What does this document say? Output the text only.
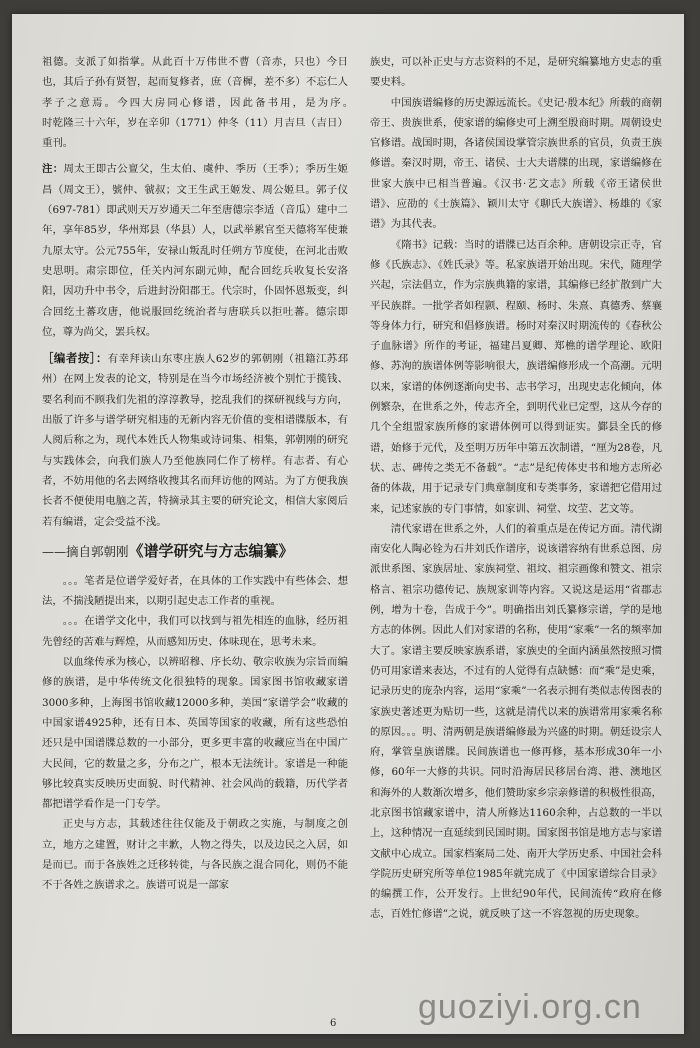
祖德。支派了如指掌。从此百十万伟世不曹（音赤，只也）今日也，其后子孙有贤智，起而复修者，庶（音樨，差不多）不忘仁人孝子之意焉。今四大房同心修谱，因此备书用，是为序。　　　　时乾隆三十六年，岁在辛卯（1771）仲冬（11）月吉旦（吉日）重刊。

注：周太王即古公亶父，生太伯、虞仲、季历（王季）；季历生姬昌（周文王），號仲、虢叔；文王生武王姬发、周公姬旦。郭子仪（697-781）即武则天万岁通天二年至唐德宗李适（音瓜）建中二年，享年85岁，华州郑县（华县）人，以武举累官至天德将军使兼九原太守。公元755年，安禄山叛乱时任朔方节度使，在河北击败史思明。肃宗即位，任关内河东副元帅，配合回纥兵收复长安洛阳，因功升中书令，后进封汾阳郡王。代宗时，仆固怀恩叛变，纠合回纥土蕃攻唐，他说服回纥统治者与唐联兵以拒吐蕃。德宗即位，尊为尚父，罢兵权。

［编者按］：有幸拜读山东枣庄族人62岁的郭朝刚（祖籍江苏邳州）在网上发表的论文，特别是在当今市场经济被个别忙于揽钱、要名利而不顾我们先祖的淳淳教导，挖乱我们的探研视线与方向，出版了许多与谱学研究相违的无新内容无价值的变相谱牒版本，有人阅后称之为，现代本姓氏人物集或诗词集、相集，郭朝刚的研究与实践体会，向我们族人乃至他族同仁作了榜样。有志者、有心者，不妨用他的名去网络收搜其名而拜访他的网站。为了方便我族长者不便使用电脑之苦，特摘录其主要的研究论文，相信大家阅后若有编谱，定会受益不浅。

——摘自郭朝刚《谱学研究与方志编纂》

。。。笔者是位谱学爱好者，在具体的工作实践中有些体会、想法，不揣浅陋提出来，以期引起史志工作者的重视。

。。。在谱学文化中，我们可以找到与祖先相连的血脉，经历祖先曾经的苦难与辉煌，从而感知历史、体味现在，思考未来。

以血缘传承为核心，以辨昭穆、序长幼、敬宗收族为宗旨而编修的族谱，是中华传统文化很独特的现象。国家图书馆收藏家谱3000多种，上海图书馆收藏12000多种，美国“家谱学会”收藏的中国家谱4925种，还有日本、英国等国家的收藏，所有这些恐怕还只是中国谱牒总数的一小部分，更多更丰富的收藏应当在中国广大民间，它的数量之多，分布之广，根本无法统计。家谱是一种能够比较真实反映历史面貌、时代精神、社会风尚的载籍，历代学者都把谱学看作是一门专学。

正史与方志，其载述往往仅能及于朝政之实施，与制度之创立，地方之建置，财计之丰歉，人物之得失，以及边民之入居，如是而已。而于各族姓之迁移转徙，与各民族之混合同化，则仍不能不于各姓之族谱求之。族谱可说是一部家

族史，可以补正史与方志资料的不足，是研究编纂地方史志的重要史料。

中国族谱编修的历史源远流长。《史记·殷本纪》所载的商朝帝王、贵族世系，使家谱的编修史可上溯至殷商时期。周朝设史官修谱。战国时期，各诸侯国设掌管宗族世系的官员，负责王族修谱。秦汉时期，帝王、诸侯、士大夫谱牒的出现，家谱编修在世家大族中已相当普遍。《汉书·艺文志》所载《帝王诸侯世谱》、应劭的《士族篇》、颖川太守《聊氏大族谱》、杨雄的《家谱》为其代表。

《隋书》记载：当时的谱牒已达百余种。唐朝设宗正寺，官修《氏族志》、《姓氏录》等。私家族谱开始出现。宋代，随理学兴起，宗法倡立，作为宗族典籍的家谱，其编修已经扩散到广大平民族群。一批学者如程颢、程颐、杨时、朱熹、真德秀、蔡襄等身体力行，研究和倡修族谱。杨时对秦汉时期流传的《春秋公子血脉谱》所作的考证，福建吕夏卿、郑樵的谱学理论、欧阳修、苏洵的族谱体例等影响很大，族谱编修形成一个高潮。元明以来，家谱的体例逐渐向史书、志书学习，出现史志化倾向，体例繁杂，在世系之外，传志齐全，到明代业已定型，这从今存的几个全组盟家族所修的家谱体例可以得到证实。鄞县全氏的修谱，始修于元代，及至明万历年中第五次制谱，“厘为28卷，凡状、志、碑传之类无不备载”。“志”是纪传体史书和地方志所必备的体裁，用于记录专门典章制度和专类事务，家谱把它借用过来，记述家族的专门事情，如家训、祠堂、坟茔、艺文等。

清代家谱在世系之外，人们的着重点是在传记方面。清代湖南安化人陶必铨为石井刘氏作谱序，说该谱容纳有世系总图、房派世系图、家族居址、家族祠堂、祖坟、祖宗画像和赞文、祖宗格言、祖宗功德传记、族规家训等内容。又说这是运用“省郡志例，增为十卷，告成于今”。明确指出刘氏纂修宗谱，学的是地方志的体例。因此人们对家谱的名称，使用“家乘”一名的频率加大了。家谱主要反映家族系谱，家族史的全面内涵虽然按照习惯仍可用家谱来表达，不过有的人觉得有点缺憾：而“乘”是史乘，记录历史的庞杂内容，运用“家乘”一名表示拥有类似志传图表的家族史著述更为贴切一些，这就是清代以来的族谱常用家乘名称的原因。。。明、清两朝是族谱编修最为兴盛的时期。朝廷设宗人府，掌管皇族谱牒。民间族谱也一修再修，基本形成30年一小修，60年一大修的共识。同时沿海居民移居台湾、港、澳地区和海外的人数渐次增多，他们赞助家乡宗亲修谱的积极性很高，北京图书馆藏家谱中，清人所修达1160余种，占总数的一半以上，这种情况一直延续到民国时期。国家图书馆是地方志与家谱文献中心成立。国家档案局二处、南开大学历史系、中国社会科学院历史研究所等单位1985年就完成了《中国家谱综合目录》的编撰工作，公开发行。上世纪90年代，民间流传“政府在修志，百姓忙修谱”之说，就反映了这一不容忽视的历史现象。

6 guoziyi.org.cn
